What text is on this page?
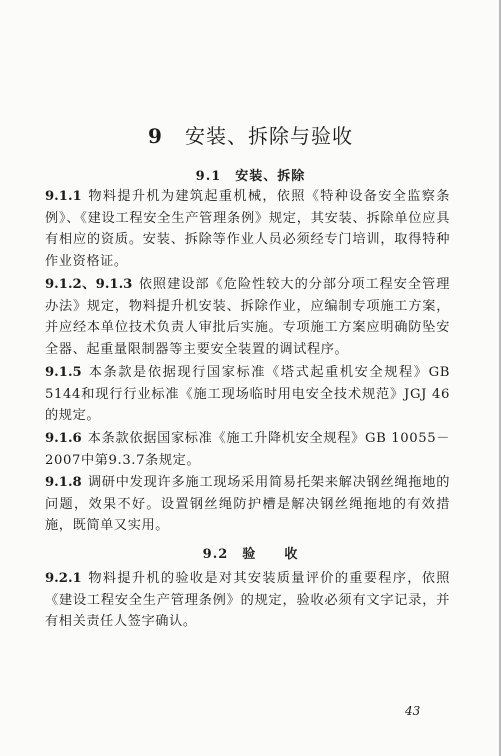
9 安装、拆除与验收
9.1 安装、拆除
9.1.1 物料提升机为建筑起重机械，依照《特种设备安全监察条例》、《建设工程安全生产管理条例》规定，其安装、拆除单位应具有相应的资质。安装、拆除等作业人员必须经专门培训，取得特种作业资格证。
9.1.2、9.1.3 依照建设部《危险性较大的分部分项工程安全管理办法》规定，物料提升机安装、拆除作业，应编制专项施工方案，并应经本单位技术负责人审批后实施。专项施工方案应明确防坠安全器、起重量限制器等主要安全装置的调试程序。
9.1.5 本条款是依据现行国家标准《塔式起重机安全规程》GB 5144和现行行业标准《施工现场临时用电安全技术规范》JGJ 46的规定。
9.1.6 本条款依据国家标准《施工升降机安全规程》GB 10055－2007中第9.3.7条规定。
9.1.8 调研中发现许多施工现场采用简易托架来解决钢丝绳拖地的问题，效果不好。设置钢丝绳防护槽是解决钢丝绳拖地的有效措施，既简单又实用。
9.2 验 收
9.2.1 物料提升机的验收是对其安装质量评价的重要程序，依照《建设工程安全生产管理条例》的规定，验收必须有文字记录，并有相关责任人签字确认。
43
